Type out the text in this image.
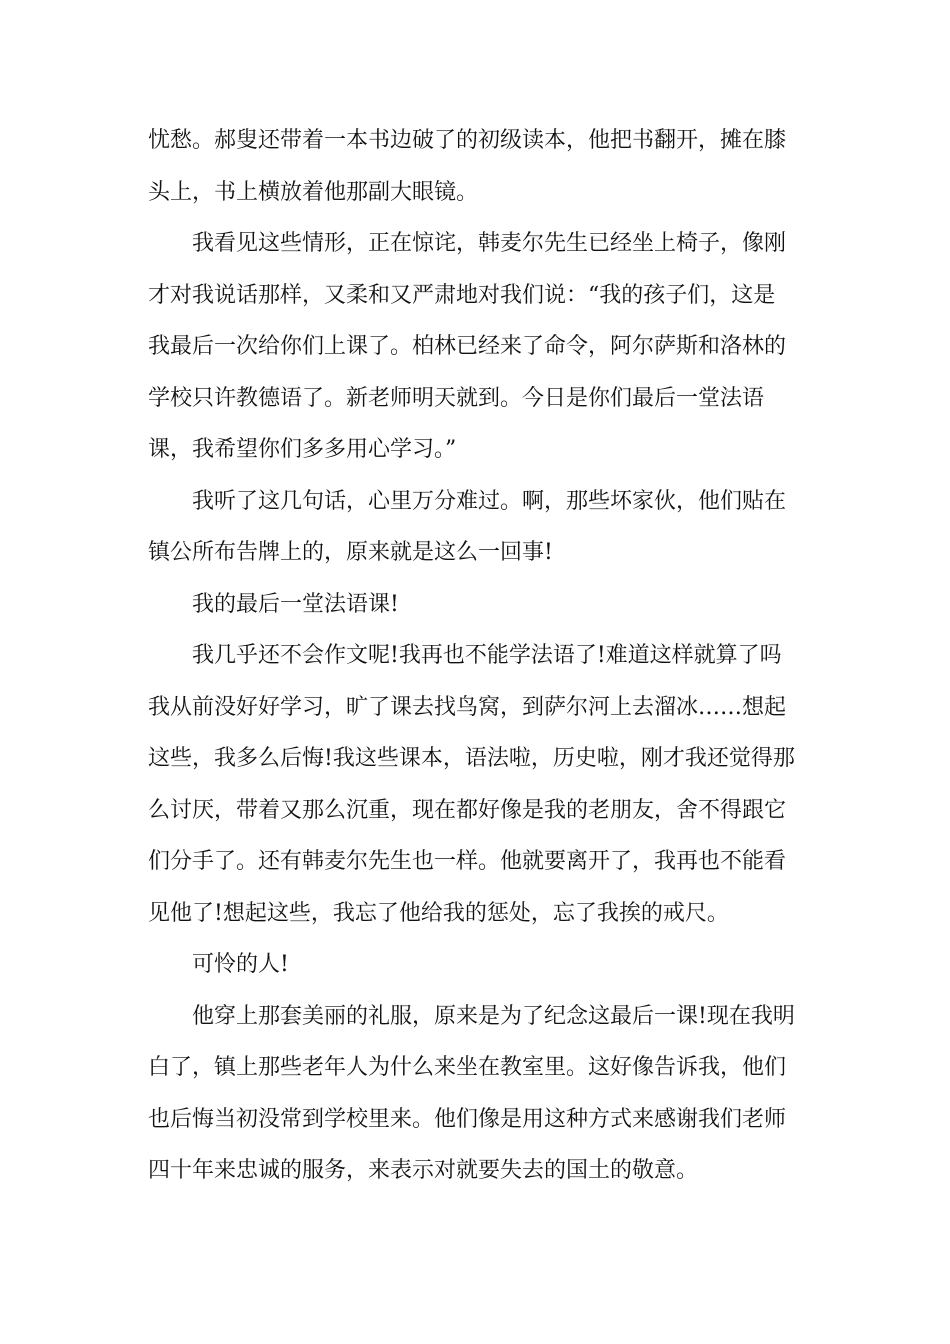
忧愁。郝叟还带着一本书边破了的初级读本，他把书翻开，摊在膝
头上，书上横放着他那副大眼镜。

我看见这些情形，正在惊诧，韩麦尔先生已经坐上椅子，像刚
才对我说话那样，又柔和又严肃地对我们说：“我的孩子们，这是
我最后一次给你们上课了。柏林已经来了命令，阿尔萨斯和洛林的
学校只许教德语了。新老师明天就到。今日是你们最后一堂法语
课，我希望你们多多用心学习。”

我听了这几句话，心里万分难过。啊，那些坏家伙，他们贴在
镇公所布告牌上的，原来就是这么一回事!

我的最后一堂法语课!

我几乎还不会作文呢!我再也不能学法语了!难道这样就算了吗
我从前没好好学习，旷了课去找鸟窝，到萨尔河上去溜冰……想起
这些，我多么后悔!我这些课本，语法啦，历史啦，刚才我还觉得那
么讨厌，带着又那么沉重，现在都好像是我的老朋友，舍不得跟它
们分手了。还有韩麦尔先生也一样。他就要离开了，我再也不能看
见他了!想起这些，我忘了他给我的惩处，忘了我挨的戒尺。

可怜的人!

他穿上那套美丽的礼服，原来是为了纪念这最后一课!现在我明
白了，镇上那些老年人为什么来坐在教室里。这好像告诉我，他们
也后悔当初没常到学校里来。他们像是用这种方式来感谢我们老师
四十年来忠诚的服务，来表示对就要失去的国土的敬意。
